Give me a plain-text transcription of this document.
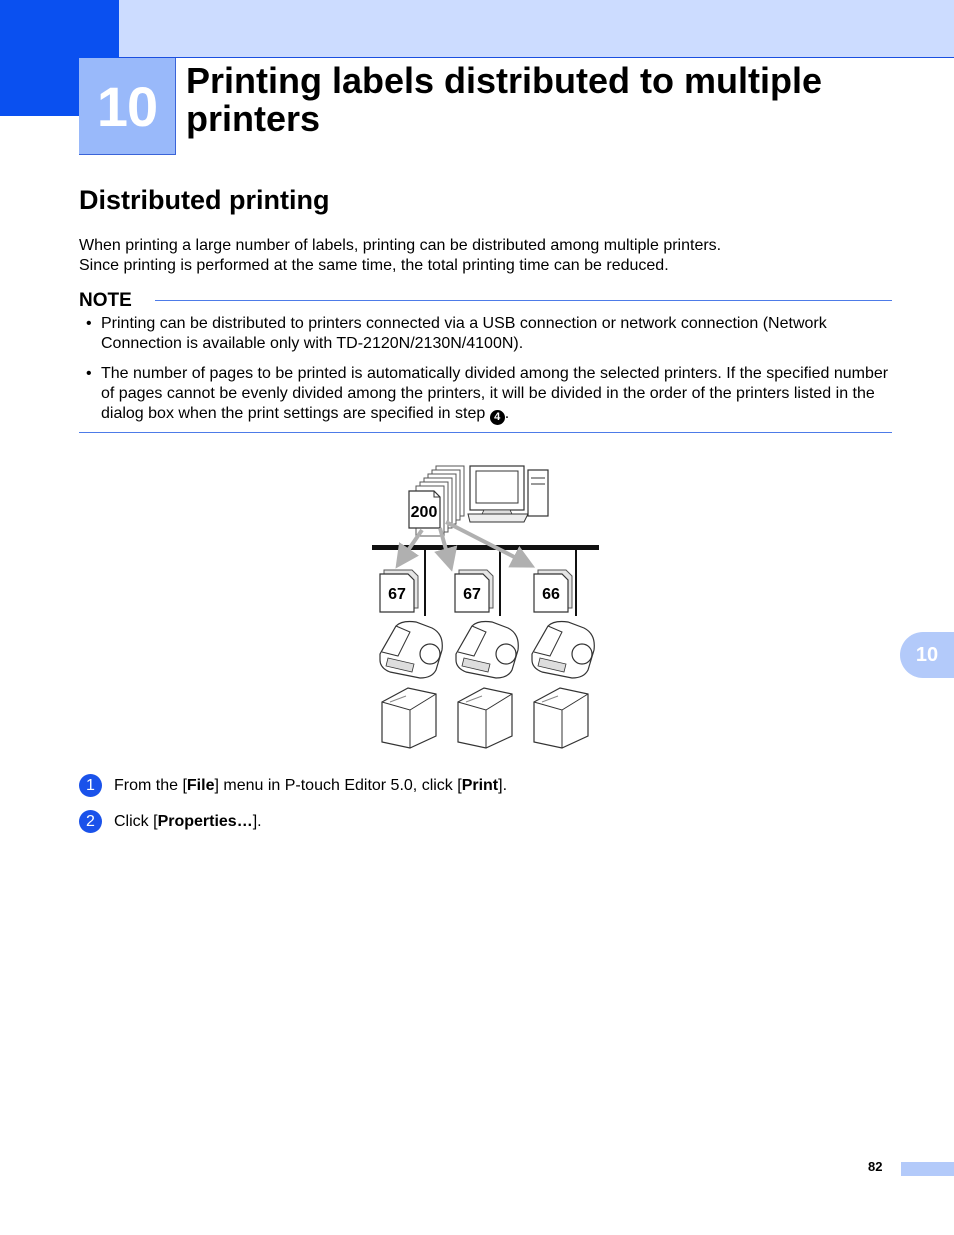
10 Printing labels distributed to multiple printers
Distributed printing

When printing a large number of labels, printing can be distributed among multiple printers.

Since printing is performed at the same time, the total printing time can be reduced.

NOTE
• Printing can be distributed to printers connected via a USB connection or network connection (Network Connection is available only with TD-2120N/2130N/4100N).
• The number of pages to be printed is automatically divided among the selected printers. If the specified number of pages cannot be evenly divided among the printers, it will be divided in the order of the printers listed in the dialog box when the print settings are specified in step 4 .
200
67	67	66
1	From the [File] menu in P-touch Editor 5.0, click [Print].
2	Click [Properties…].
10
82
